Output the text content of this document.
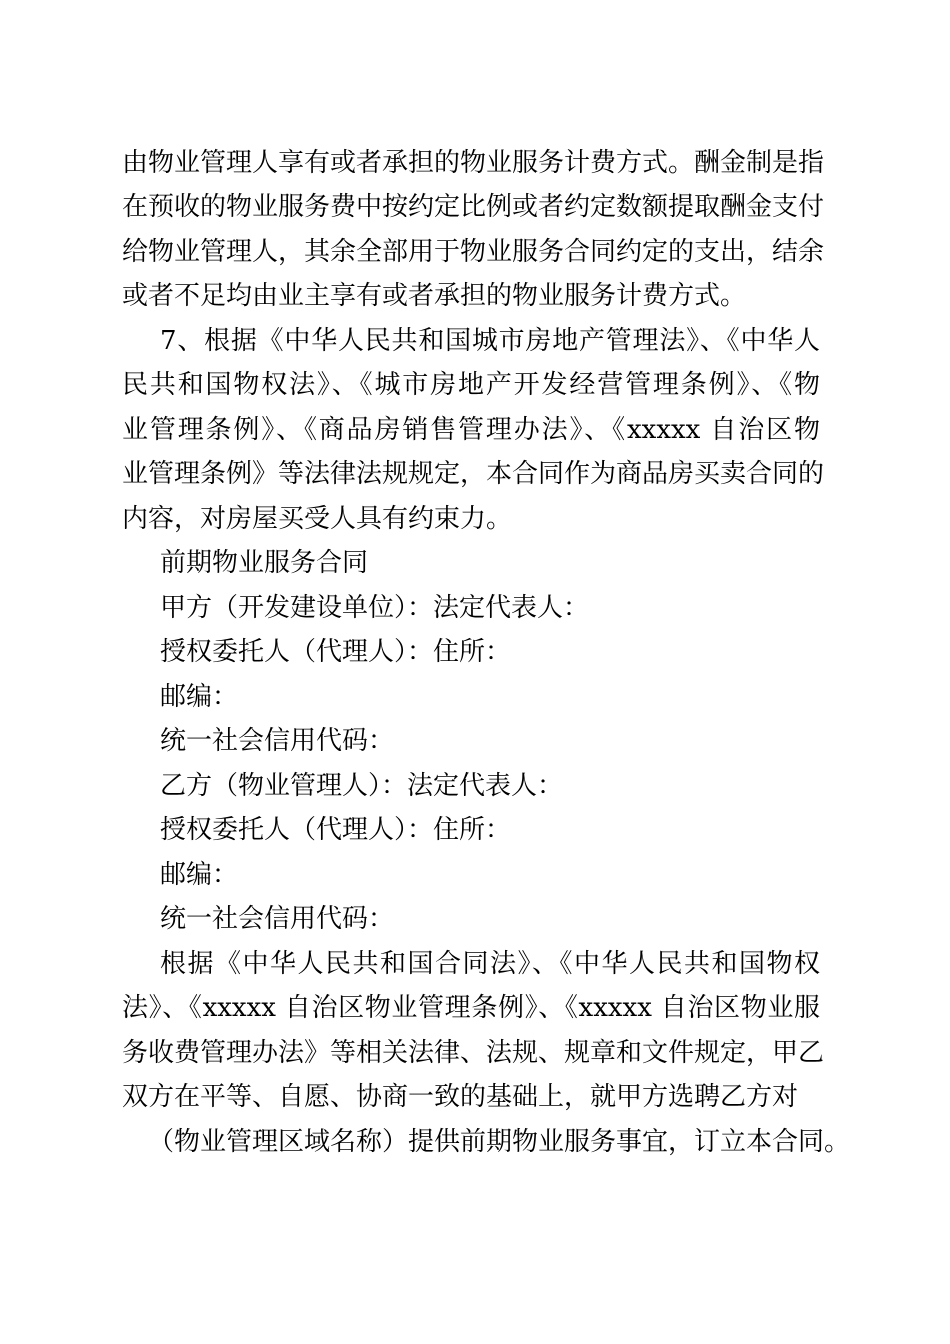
由物业管理人享有或者承担的物业服务计费方式。酬金制是指
在预收的物业服务费中按约定比例或者约定数额提取酬金支付
给物业管理人，其余全部用于物业服务合同约定的支出，结余
或者不足均由业主享有或者承担的物业服务计费方式。
7、根据《中华人民共和国城市房地产管理法》、《中华人
民共和国物权法》、《城市房地产开发经营管理条例》、《物
业管理条例》、《商品房销售管理办法》、《xxxxx 自治区物
业管理条例》等法律法规规定，本合同作为商品房买卖合同的
内容，对房屋买受人具有约束力。
前期物业服务合同
甲方（开发建设单位）：法定代表人：
授权委托人（代理人）：住所：
邮编：
统一社会信用代码：
乙方（物业管理人）：法定代表人：
授权委托人（代理人）：住所：
邮编：
统一社会信用代码：
根据《中华人民共和国合同法》、《中华人民共和国物权
法》、《xxxxx 自治区物业管理条例》、《xxxxx 自治区物业服
务收费管理办法》等相关法律、法规、规章和文件规定，甲乙
双方在平等、自愿、协商一致的基础上，就甲方选聘乙方对
（物业管理区域名称）提供前期物业服务事宜，订立本合同。
